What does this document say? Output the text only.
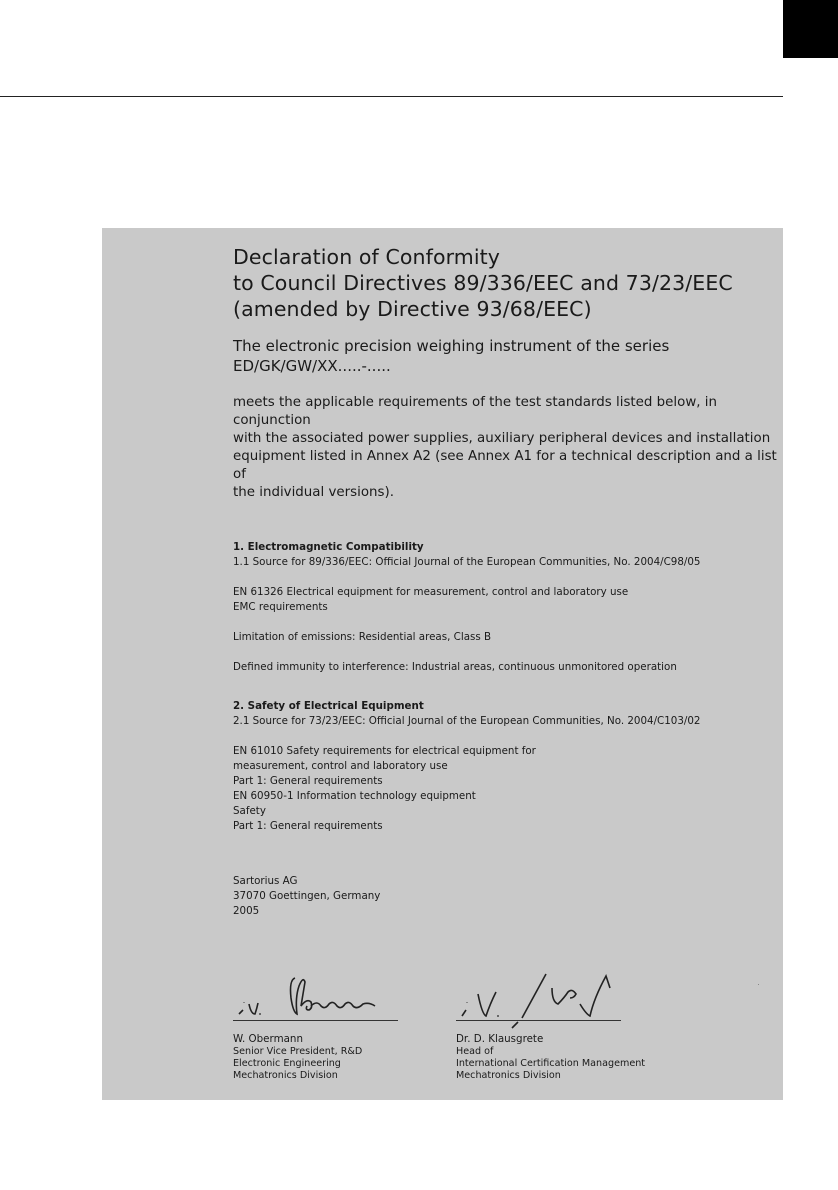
Declaration of Conformity
to Council Directives 89/336/EEC and 73/23/EEC
(amended by Directive 93/68/EEC)
The electronic precision weighing instrument of the series
ED/GK/GW/XX.....-.....

meets the applicable requirements of the test standards listed below, in conjunction
with the associated power supplies, auxiliary peripheral devices and installation
equipment listed in Annex A2 (see Annex A1 for a technical description and a list of
the individual versions).

1. Electromagnetic Compatibility
1.1 Source for 89/336/EEC: Official Journal of the European Communities, No. 2004/C98/05
EN 61326 Electrical equipment for measurement, control and laboratory use
EMC requirements
Limitation of emissions: Residential areas, Class B
Defined immunity to interference: Industrial areas, continuous unmonitored operation
2. Safety of Electrical Equipment
2.1 Source for 73/23/EEC: Official Journal of the European Communities, No. 2004/C103/02
EN 61010 Safety requirements for electrical equipment for
measurement, control and laboratory use
Part 1: General requirements
EN 60950-1 Information technology equipment
Safety
Part 1: General requirements
Sartorius AG
37070 Goettingen, Germany
2005
W. Obermann
Senior Vice President, R&D
Electronic Engineering
Mechatronics Division
Dr. D. Klausgrete
Head of
International Certification Management
Mechatronics Division
